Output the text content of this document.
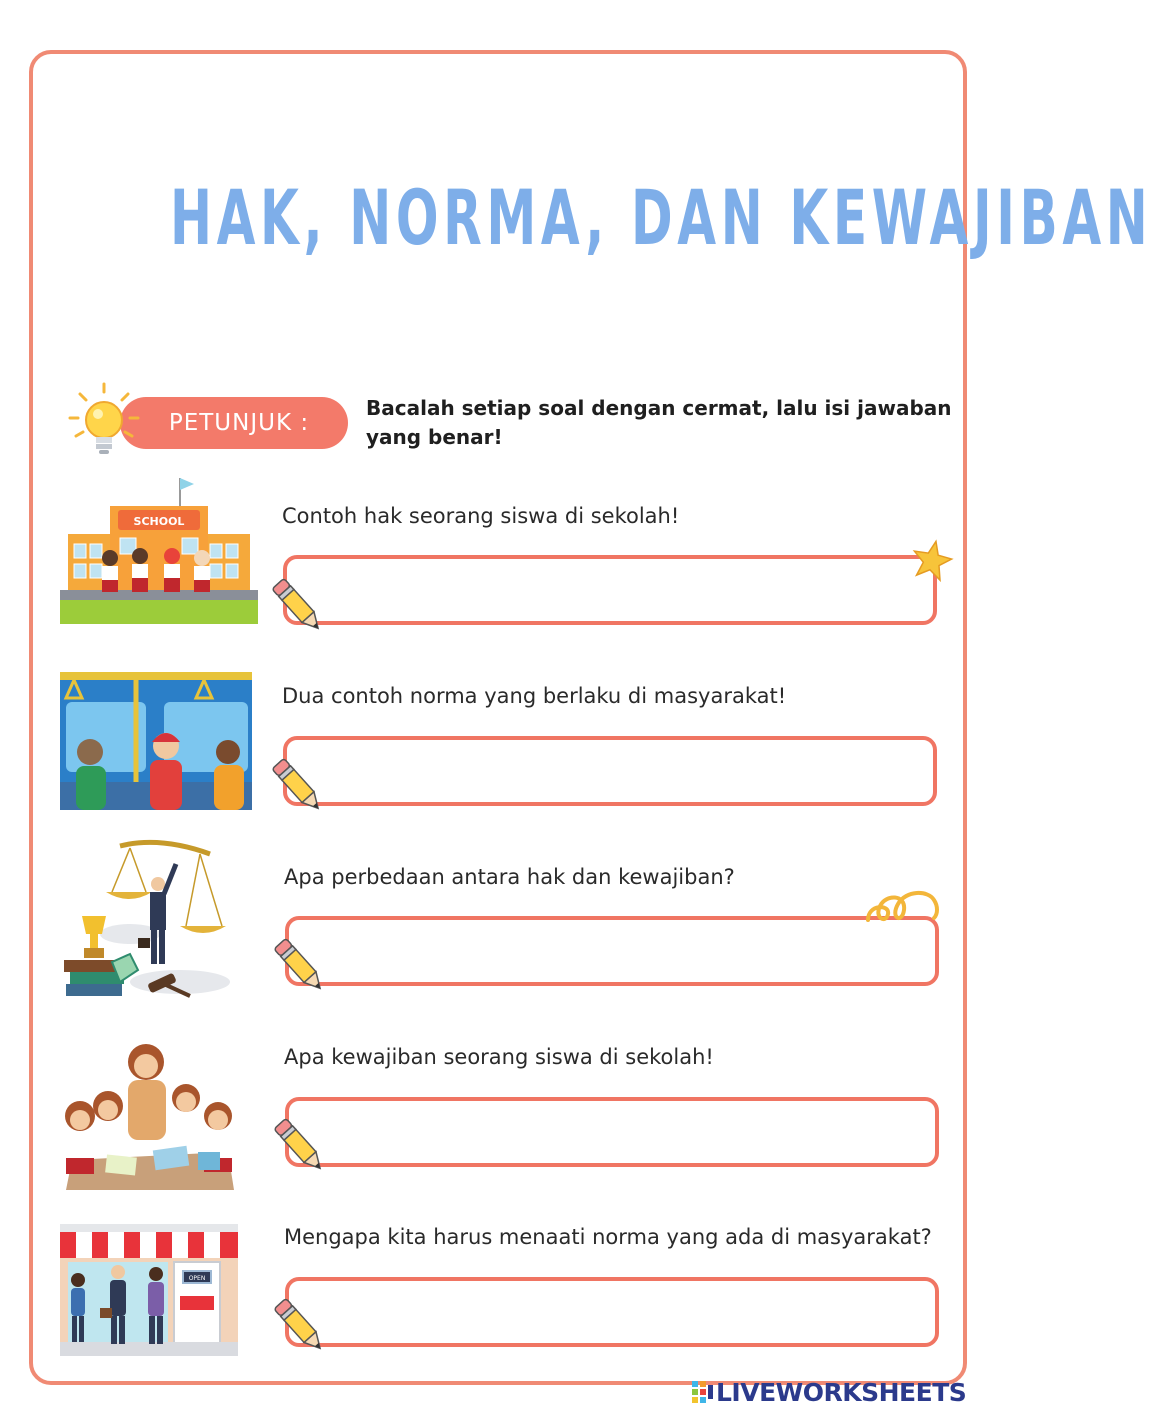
HAK, NORMA, DAN KEWAJIBAN
PETUNJUK :
Bacalah setiap soal dengan cermat, lalu isi jawaban yang benar!
SCHOOL	Contoh hak seorang siswa di sekolah!
Dua contoh norma yang berlaku di masyarakat!
Apa perbedaan antara hak dan kewajiban?
Apa kewajiban seorang siswa di sekolah!
OPEN
Mengapa kita harus menaati norma yang ada di masyarakat?
LIVEWORKSHEETS
